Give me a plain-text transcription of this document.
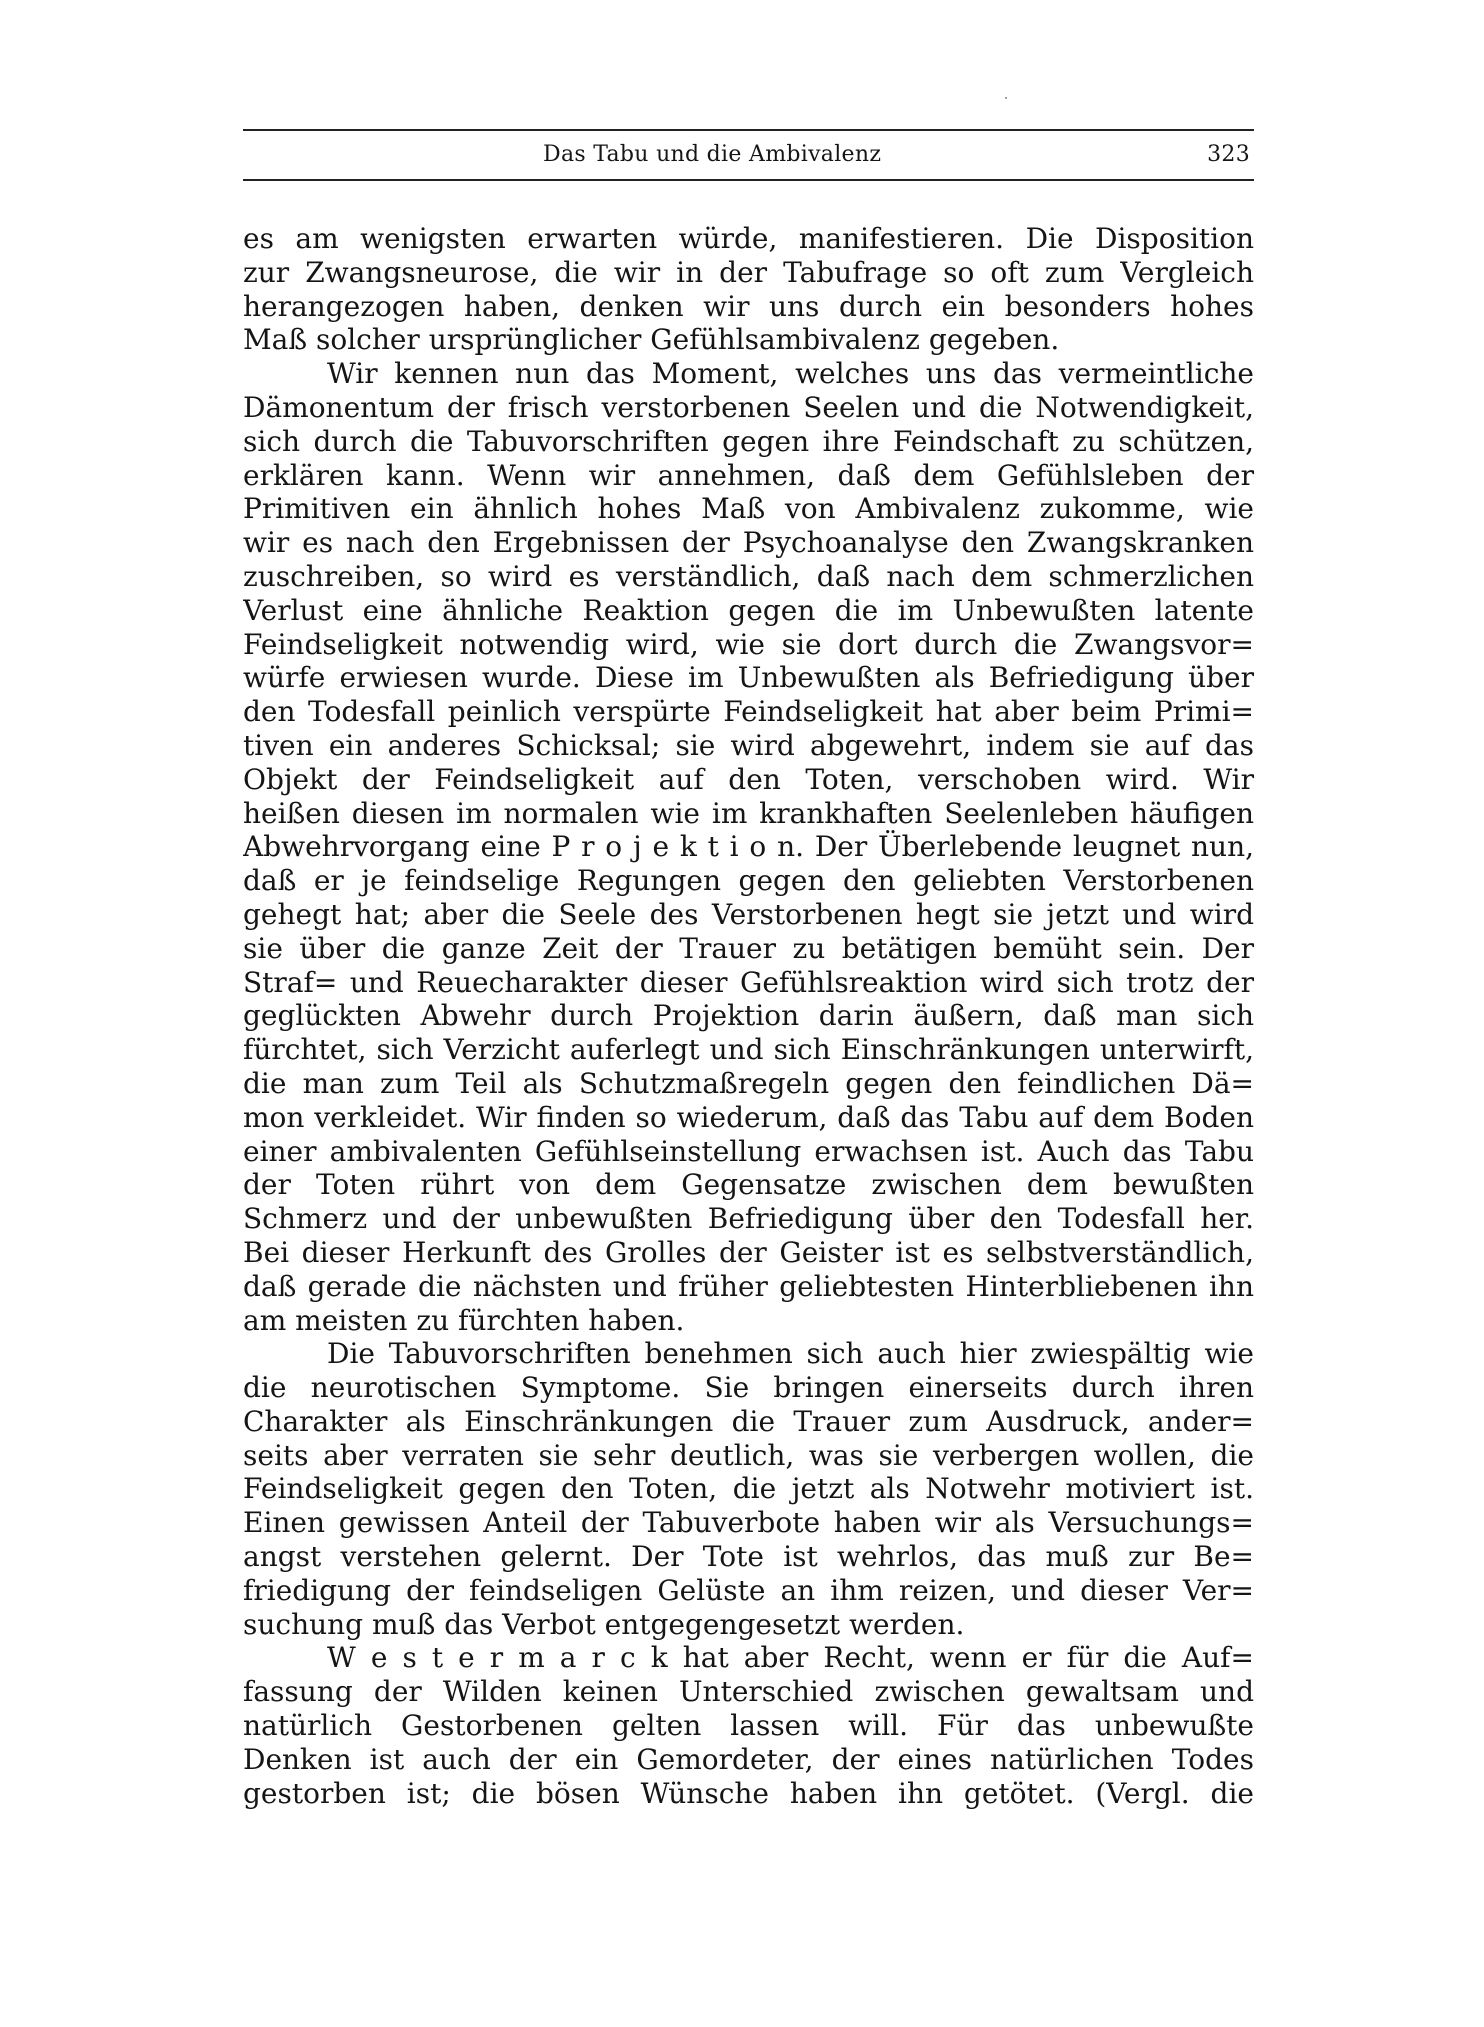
Das Tabu und die Ambivalenz	323
es am wenigsten erwarten würde, manifestieren. Die Disposition
zur Zwangsneurose, die wir in der Tabufrage so oft zum Vergleich
herangezogen haben, denken wir uns durch ein besonders hohes
Maß solcher ursprünglicher Gefühlsambivalenz gegeben.
Wir kennen nun das Moment, welches uns das vermeintliche
Dämonentum der frisch verstorbenen Seelen und die Notwendigkeit,
sich durch die Tabuvorschriften gegen ihre Feindschaft zu schützen,
erklären kann. Wenn wir annehmen, daß dem Gefühlsleben der
Primitiven ein ähnlich hohes Maß von Ambivalenz zukomme, wie
wir es nach den Ergebnissen der Psychoanalyse den Zwangskranken
zuschreiben, so wird es verständlich, daß nach dem schmerzlichen
Verlust eine ähnliche Reaktion gegen die im Unbewußten latente
Feindseligkeit notwendig wird, wie sie dort durch die Zwangsvor=
würfe erwiesen wurde. Diese im Unbewußten als Befriedigung über
den Todesfall peinlich verspürte Feindseligkeit hat aber beim Primi=
tiven ein anderes Schicksal; sie wird abgewehrt, indem sie auf das
Objekt der Feindseligkeit auf den Toten, verschoben wird. Wir
heißen diesen im normalen wie im krankhaften Seelenleben häufigen
Abwehrvorgang eine P r o j e k t i o n. Der Überlebende leugnet nun,
daß er je feindselige Regungen gegen den geliebten Verstorbenen
gehegt hat; aber die Seele des Verstorbenen hegt sie jetzt und wird
sie über die ganze Zeit der Trauer zu betätigen bemüht sein. Der
Straf= und Reuecharakter dieser Gefühlsreaktion wird sich trotz der
geglückten Abwehr durch Projektion darin äußern, daß man sich
fürchtet, sich Verzicht auferlegt und sich Einschränkungen unterwirft,
die man zum Teil als Schutzmaßregeln gegen den feindlichen Dä=
mon verkleidet. Wir finden so wiederum, daß das Tabu auf dem Boden
einer ambivalenten Gefühlseinstellung erwachsen ist. Auch das Tabu
der Toten rührt von dem Gegensatze zwischen dem bewußten
Schmerz und der unbewußten Befriedigung über den Todesfall her.
Bei dieser Herkunft des Grolles der Geister ist es selbstverständlich,
daß gerade die nächsten und früher geliebtesten Hinterbliebenen ihn
am meisten zu fürchten haben.
Die Tabuvorschriften benehmen sich auch hier zwiespältig wie
die neurotischen Symptome. Sie bringen einerseits durch ihren
Charakter als Einschränkungen die Trauer zum Ausdruck, ander=
seits aber verraten sie sehr deutlich, was sie verbergen wollen, die
Feindseligkeit gegen den Toten, die jetzt als Notwehr motiviert ist.
Einen gewissen Anteil der Tabuverbote haben wir als Versuchungs=
angst verstehen gelernt. Der Tote ist wehrlos, das muß zur Be=
friedigung der feindseligen Gelüste an ihm reizen, und dieser Ver=
suchung muß das Verbot entgegengesetzt werden.
W e s t e r m a r c k hat aber Recht, wenn er für die Auf=
fassung der Wilden keinen Unterschied zwischen gewaltsam und
natürlich Gestorbenen gelten lassen will. Für das unbewußte
Denken ist auch der ein Gemordeter, der eines natürlichen Todes
gestorben ist; die bösen Wünsche haben ihn getötet. (Vergl. die
